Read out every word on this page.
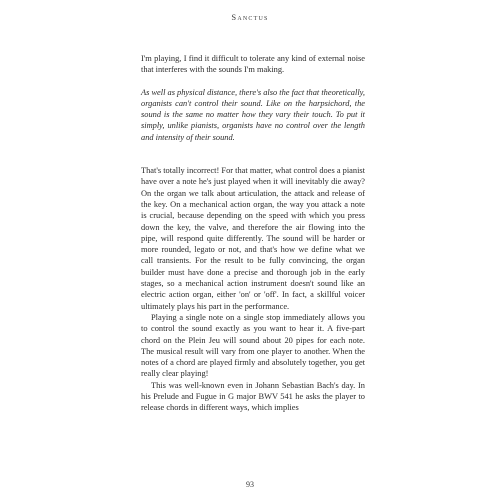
Sanctus

I'm playing, I find it difficult to tolerate any kind of external noise that interferes with the sounds I'm making.

As well as physical distance, there's also the fact that theoretically, organists can't control their sound. Like on the harpsichord, the sound is the same no matter how they vary their touch. To put it simply, unlike pianists, organists have no control over the length and intensity of their sound.

That's totally incorrect! For that matter, what control does a pianist have over a note he's just played when it will inevitably die away? On the organ we talk about articulation, the attack and release of the key. On a mechanical action organ, the way you attack a note is crucial, because depending on the speed with which you press down the key, the valve, and therefore the air flowing into the pipe, will respond quite differently. The sound will be harder or more rounded, legato or not, and that's how we define what we call transients. For the result to be fully convincing, the organ builder must have done a precise and thorough job in the early stages, so a mechanical action instrument doesn't sound like an electric action organ, either 'on' or 'off'. In fact, a skillful voicer ultimately plays his part in the performance.

Playing a single note on a single stop immediately allows you to control the sound exactly as you want to hear it. A five-part chord on the Plein Jeu will sound about 20 pipes for each note. The musical result will vary from one player to another. When the notes of a chord are played firmly and absolutely together, you get really clear playing!

This was well-known even in Johann Sebastian Bach's day. In his Prelude and Fugue in G major BWV 541 he asks the player to release chords in different ways, which implies

93
